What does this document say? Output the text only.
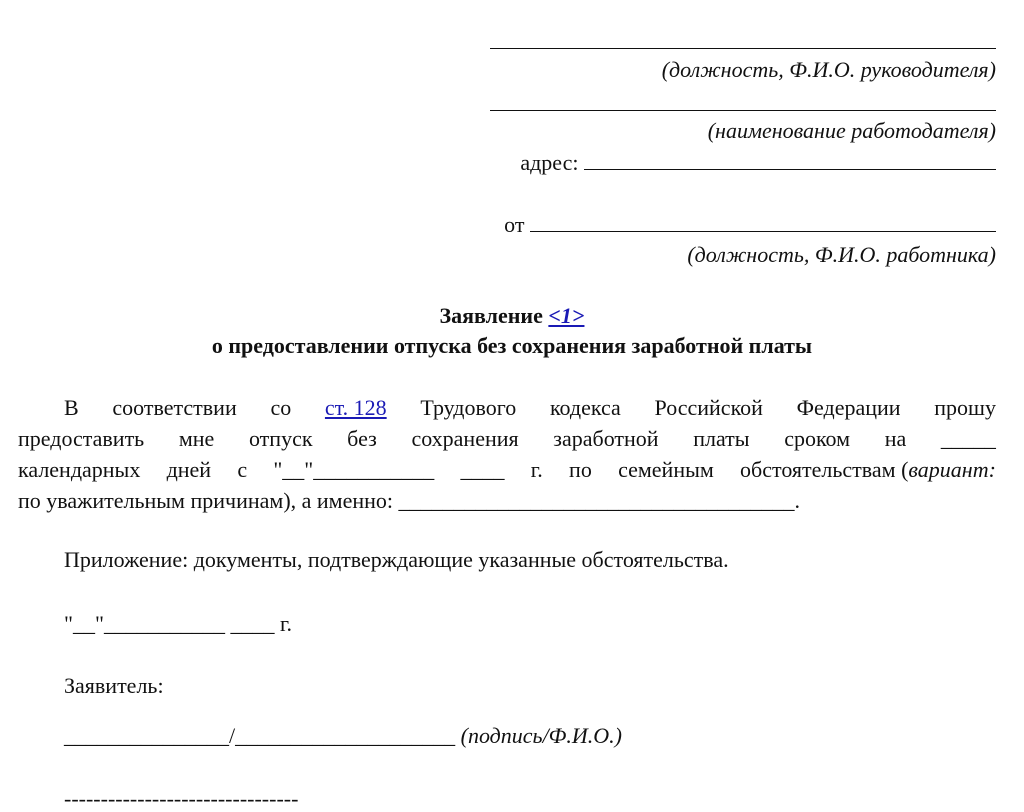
(должность, Ф.И.О. руководителя)
(наименование работодателя)
адрес:
от
(должность, Ф.И.О. работника)
Заявление <1>
о предоставлении отпуска без сохранения заработной платы
В соответствии со ст. 128 Трудового кодекса Российской Федерации прошу
предоставить мне отпуск без сохранения заработной платы сроком на _____
календарных дней с "__"___________ ____ г. по семейным обстоятельствам (вариант:
по уважительным причинам), а именно:
____________________________________ .
Приложение: документы, подтверждающие указанные обстоятельства.
"__"___________ ____ г.
Заявитель:
_______________/____________________ (подпись/Ф.И.О.)
--------------------------------
